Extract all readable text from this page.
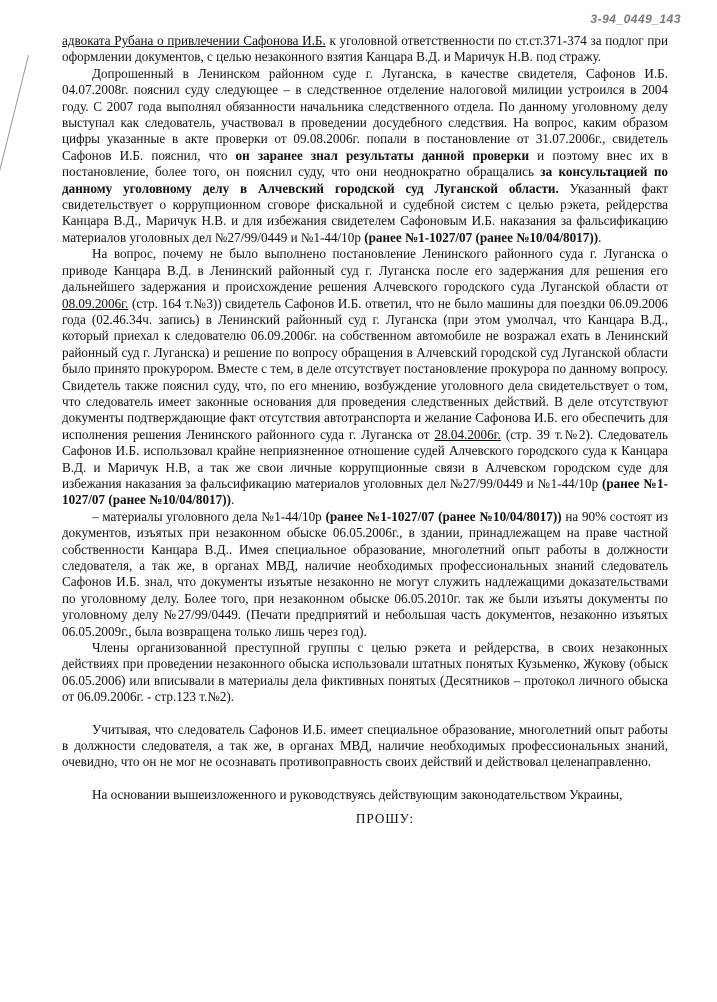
3-94_0449_143

адвоката Рубана о привлечении Сафонова И.Б. к уголовной ответственности по ст.ст.371-374 за подлог при оформлении документов, с целью незаконного взятия Канцара В.Д. и Маричук Н.В. под стражу.

Допрошенный в Ленинском районном суде г. Луганска, в качестве свидетеля, Сафонов И.Б. 04.07.2008г. пояснил суду следующее – в следственное отделение налоговой милиции устроился в 2004 году. С 2007 года выполнял обязанности начальника следственного отдела. По данному уголовному делу выступал как следователь, участвовал в проведении досудебного следствия. На вопрос, каким образом цифры указанные в акте проверки от 09.08.2006г. попали в постановление от 31.07.2006г., свидетель Сафонов И.Б. пояснил, что он заранее знал результаты данной проверки и поэтому внес их в постановление, более того, он пояснил суду, что они неоднократно обращались за консультацией по данному уголовному делу в Алчевский городской суд Луганской области. Указанный факт свидетельствует о коррупционном сговоре фискальной и судебной систем с целью рэкета, рейдерства Канцара В.Д., Маричук Н.В. и для избежания свидетелем Сафоновым И.Б. наказания за фальсификацию материалов уголовных дел №27/99/0449 и №1-44/10р (ранее №1-1027/07 (ранее №10/04/8017)).

На вопрос, почему не было выполнено постановление Ленинского районного суда г. Луганска о приводе Канцара В.Д. в Ленинский районный суд г. Луганска после его задержания для решения его дальнейшего задержания и происхождение решения Алчевского городского суда Луганской области от 08.09.2006г. (стр. 164 т.№3)) свидетель Сафонов И.Б. ответил, что не было машины для поездки 06.09.2006 года (02.46.34ч. запись) в Ленинский районный суд г. Луганска (при этом умолчал, что Канцара В.Д., который приехал к следователю 06.09.2006г. на собственном автомобиле не возражал ехать в Ленинский районный суд г. Луганска) и решение по вопросу обращения в Алчевский городской суд Луганской области было принято прокурором. Вместе с тем, в деле отсутствует постановление прокурора по данному вопросу. Свидетель также пояснил суду, что, по его мнению, возбуждение уголовного дела свидетельствует о том, что следователь имеет законные основания для проведения следственных действий. В деле отсутствуют документы подтверждающие факт отсутствия автотранспорта и желание Сафонова И.Б. его обеспечить для исполнения решения Ленинского районного суда г. Луганска от 28.04.2006г. (стр. 39 т.№2). Следователь Сафонов И.Б. использовал крайне неприязненное отношение судей Алчевского городского суда к Канцара В.Д. и Маричук Н.В, а так же свои личные коррупционные связи в Алчевском городском суде для избежания наказания за фальсификацию материалов уголовных дел №27/99/0449 и №1-44/10р (ранее №1-1027/07 (ранее №10/04/8017)).

– материалы уголовного дела №1-44/10р (ранее №1-1027/07 (ранее №10/04/8017)) на 90% состоят из документов, изъятых при незаконном обыске 06.05.2006г., в здании, принадлежащем на праве частной собственности Канцара В.Д.. Имея специальное образование, многолетний опыт работы в должности следователя, а так же, в органах МВД, наличие необходимых профессиональных знаний следователь Сафонов И.Б. знал, что документы изъятые незаконно не могут служить надлежащими доказательствами по уголовному делу. Более того, при незаконном обыске 06.05.2010г. так же были изъяты документы по уголовному делу №27/99/0449. (Печати предприятий и небольшая часть документов, незаконно изъятых 06.05.2009г., была возвращена только лишь через год).

Члены организованной преступной группы с целью рэкета и рейдерства, в своих незаконных действиях при проведении незаконного обыска использовали штатных понятых Кузьменко, Жукову (обыск 06.05.2006) или вписывали в материалы дела фиктивных понятых (Десятников – протокол личного обыска от 06.09.2006г. - стр.123 т.№2).

Учитывая, что следователь Сафонов И.Б. имеет специальное образование, многолетний опыт работы в должности следователя, а так же, в органах МВД, наличие необходимых профессиональных знаний, очевидно, что он не мог не осознавать противоправность своих действий и действовал целенаправленно.

На основании вышеизложенного и руководствуясь действующим законодательством Украины,

ПРОШУ:
